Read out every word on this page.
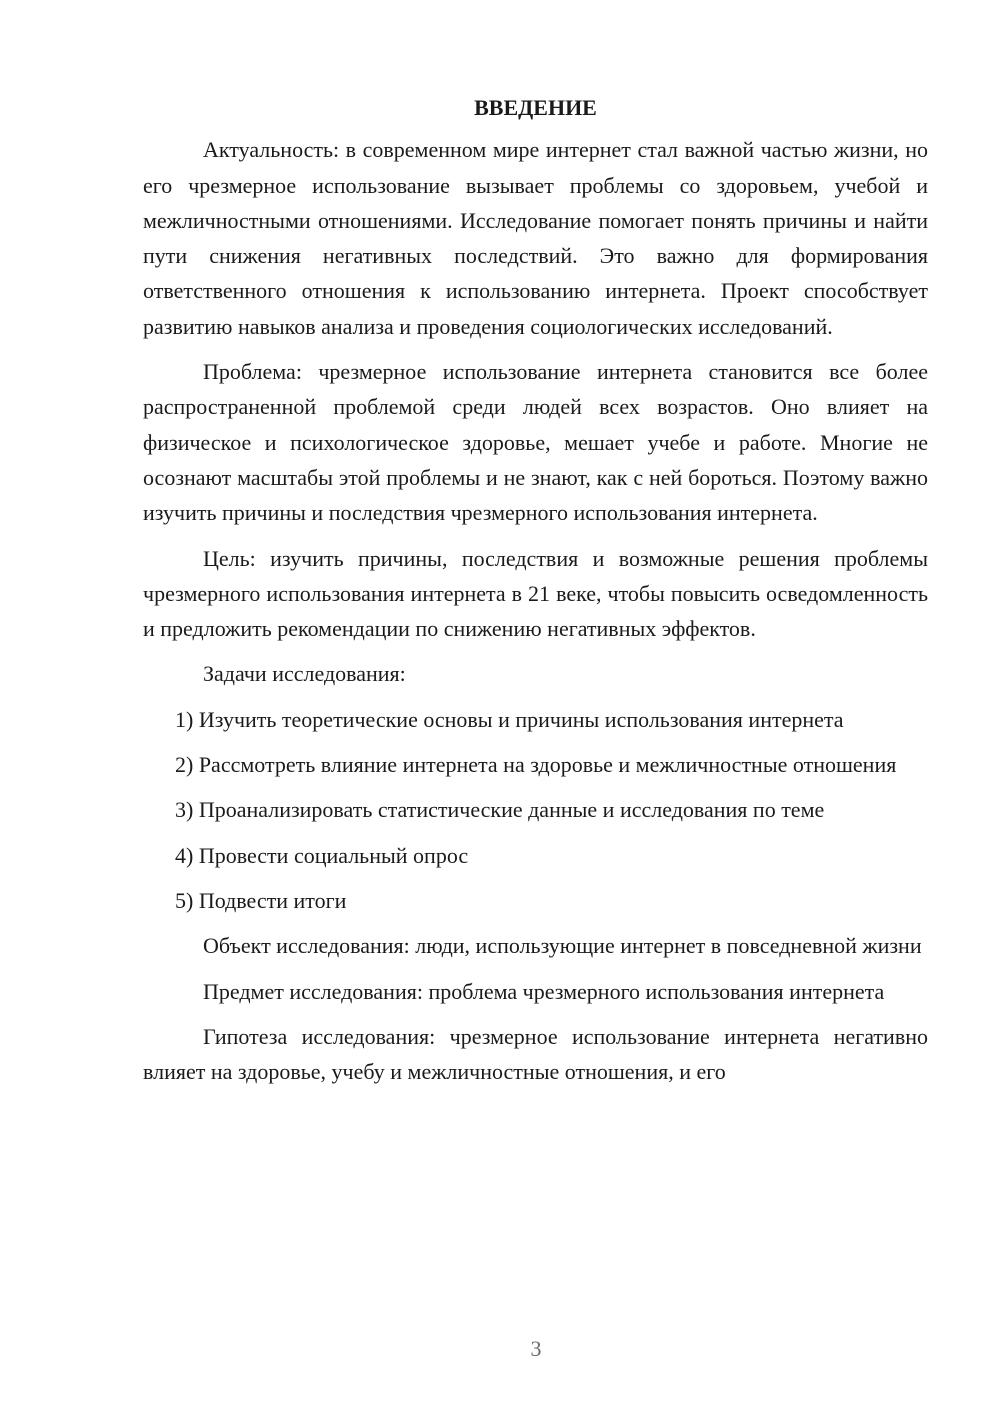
ВВЕДЕНИЕ

Актуальность: в современном мире интернет стал важной частью жизни, но его чрезмерное использование вызывает проблемы со здоровьем, учебой и межличностными отношениями. Исследование помогает понять причины и найти пути снижения негативных последствий. Это важно для формирования ответственного отношения к использованию интернета. Проект способствует развитию навыков анализа и проведения социологических исследований.

Проблема: чрезмерное использование интернета становится все более распространенной проблемой среди людей всех возрастов. Оно влияет на физическое и психологическое здоровье, мешает учебе и работе. Многие не осознают масштабы этой проблемы и не знают, как с ней бороться. Поэтому важно изучить причины и последствия чрезмерного использования интернета.

Цель: изучить причины, последствия и возможные решения проблемы чрезмерного использования интернета в 21 веке, чтобы повысить осведомленность и предложить рекомендации по снижению негативных эффектов.

Задачи исследования:

1) Изучить теоретические основы и причины использования интернета

2) Рассмотреть влияние интернета на здоровье и межличностные отношения

3) Проанализировать статистические данные и исследования по теме

4) Провести социальный опрос

5) Подвести итоги

Объект исследования: люди, использующие интернет в повседневной жизни

Предмет исследования: проблема чрезмерного использования интернета

Гипотеза исследования: чрезмерное использование интернета негативно влияет на здоровье, учебу и межличностные отношения, и его

3
